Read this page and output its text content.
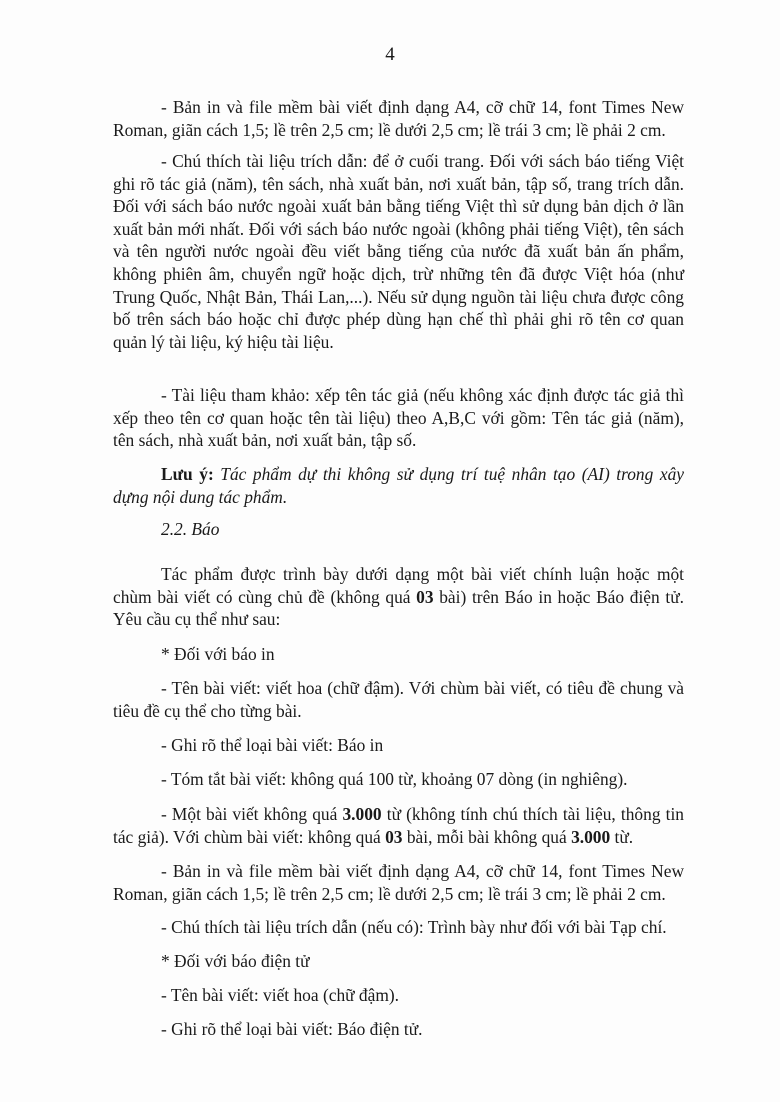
4

- Bản in và file mềm bài viết định dạng A4, cỡ chữ 14, font Times New Roman, giãn cách 1,5; lề trên 2,5 cm; lề dưới 2,5 cm; lề trái 3 cm; lề phải 2 cm.

- Chú thích tài liệu trích dẫn: để ở cuối trang. Đối với sách báo tiếng Việt ghi rõ tác giả (năm), tên sách, nhà xuất bản, nơi xuất bản, tập số, trang trích dẫn. Đối với sách báo nước ngoài xuất bản bằng tiếng Việt thì sử dụng bản dịch ở lần xuất bản mới nhất. Đối với sách báo nước ngoài (không phải tiếng Việt), tên sách và tên người nước ngoài đều viết bằng tiếng của nước đã xuất bản ấn phẩm, không phiên âm, chuyển ngữ hoặc dịch, trừ những tên đã được Việt hóa (như Trung Quốc, Nhật Bản, Thái Lan,...). Nếu sử dụng nguồn tài liệu chưa được công bố trên sách báo hoặc chỉ được phép dùng hạn chế thì phải ghi rõ tên cơ quan quản lý tài liệu, ký hiệu tài liệu.

- Tài liệu tham khảo: xếp tên tác giả (nếu không xác định được tác giả thì xếp theo tên cơ quan hoặc tên tài liệu) theo A,B,C với gồm: Tên tác giả (năm), tên sách, nhà xuất bản, nơi xuất bản, tập số.

Lưu ý: Tác phẩm dự thi không sử dụng trí tuệ nhân tạo (AI) trong xây dựng nội dung tác phẩm.

2.2. Báo

Tác phẩm được trình bày dưới dạng một bài viết chính luận hoặc một chùm bài viết có cùng chủ đề (không quá 03 bài) trên Báo in hoặc Báo điện tử. Yêu cầu cụ thể như sau:

* Đối với báo in

- Tên bài viết: viết hoa (chữ đậm). Với chùm bài viết, có tiêu đề chung và tiêu đề cụ thể cho từng bài.

- Ghi rõ thể loại bài viết: Báo in

- Tóm tắt bài viết: không quá 100 từ, khoảng 07 dòng (in nghiêng).

- Một bài viết không quá 3.000 từ (không tính chú thích tài liệu, thông tin tác giả). Với chùm bài viết: không quá 03 bài, mỗi bài không quá 3.000 từ.

- Bản in và file mềm bài viết định dạng A4, cỡ chữ 14, font Times New Roman, giãn cách 1,5; lề trên 2,5 cm; lề dưới 2,5 cm; lề trái 3 cm; lề phải 2 cm.

- Chú thích tài liệu trích dẫn (nếu có): Trình bày như đối với bài Tạp chí.

* Đối với báo điện tử

- Tên bài viết: viết hoa (chữ đậm).

- Ghi rõ thể loại bài viết: Báo điện tử.
